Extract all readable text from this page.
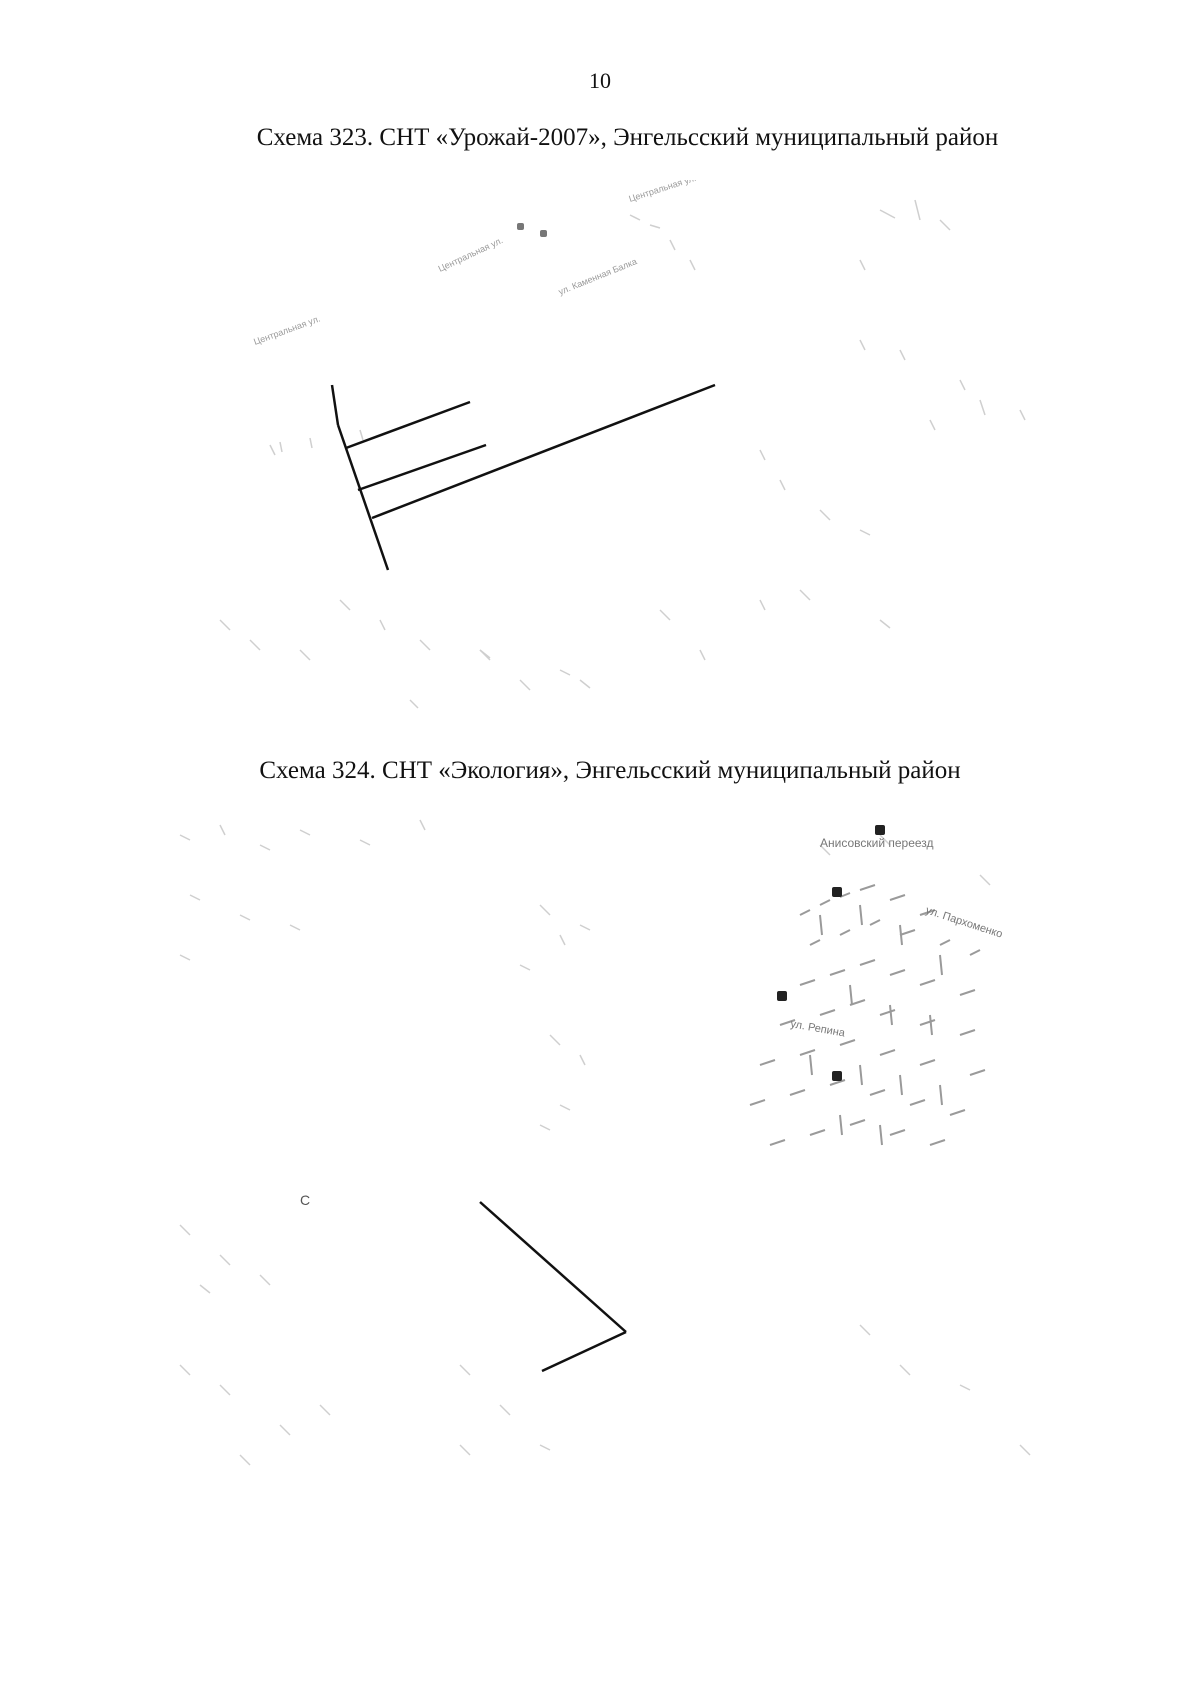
10
Схема 323. СНТ «Урожай-2007», Энгельсский муниципальный район
Центральная ул.
Центральная ул.
Центральная ул.
ул. Каменная Балка
Схема 324. СНТ «Экология», Энгельсский муниципальный район
Анисовский переезд
ул. Пархоменко
ул. Репина
С
